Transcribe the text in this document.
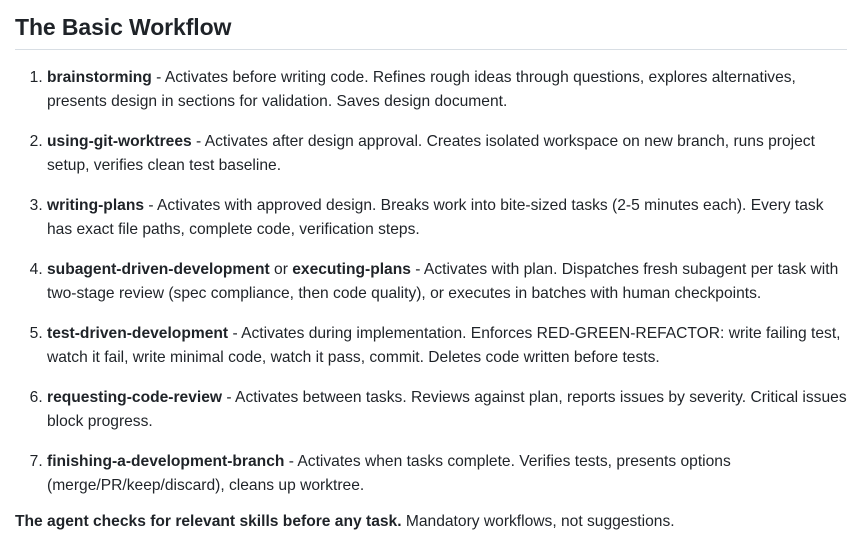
The Basic Workflow
1. brainstorming - Activates before writing code. Refines rough ideas through questions, explores alternatives, presents design in sections for validation. Saves design document.
2. using-git-worktrees - Activates after design approval. Creates isolated workspace on new branch, runs project setup, verifies clean test baseline.
3. writing-plans - Activates with approved design. Breaks work into bite-sized tasks (2-5 minutes each). Every task has exact file paths, complete code, verification steps.
4. subagent-driven-development or executing-plans - Activates with plan. Dispatches fresh subagent per task with two-stage review (spec compliance, then code quality), or executes in batches with human checkpoints.
5. test-driven-development - Activates during implementation. Enforces RED-GREEN-REFACTOR: write failing test, watch it fail, write minimal code, watch it pass, commit. Deletes code written before tests.
6. requesting-code-review - Activates between tasks. Reviews against plan, reports issues by severity. Critical issues block progress.
7. finishing-a-development-branch - Activates when tasks complete. Verifies tests, presents options (merge/PR/keep/discard), cleans up worktree.

The agent checks for relevant skills before any task. Mandatory workflows, not suggestions.
